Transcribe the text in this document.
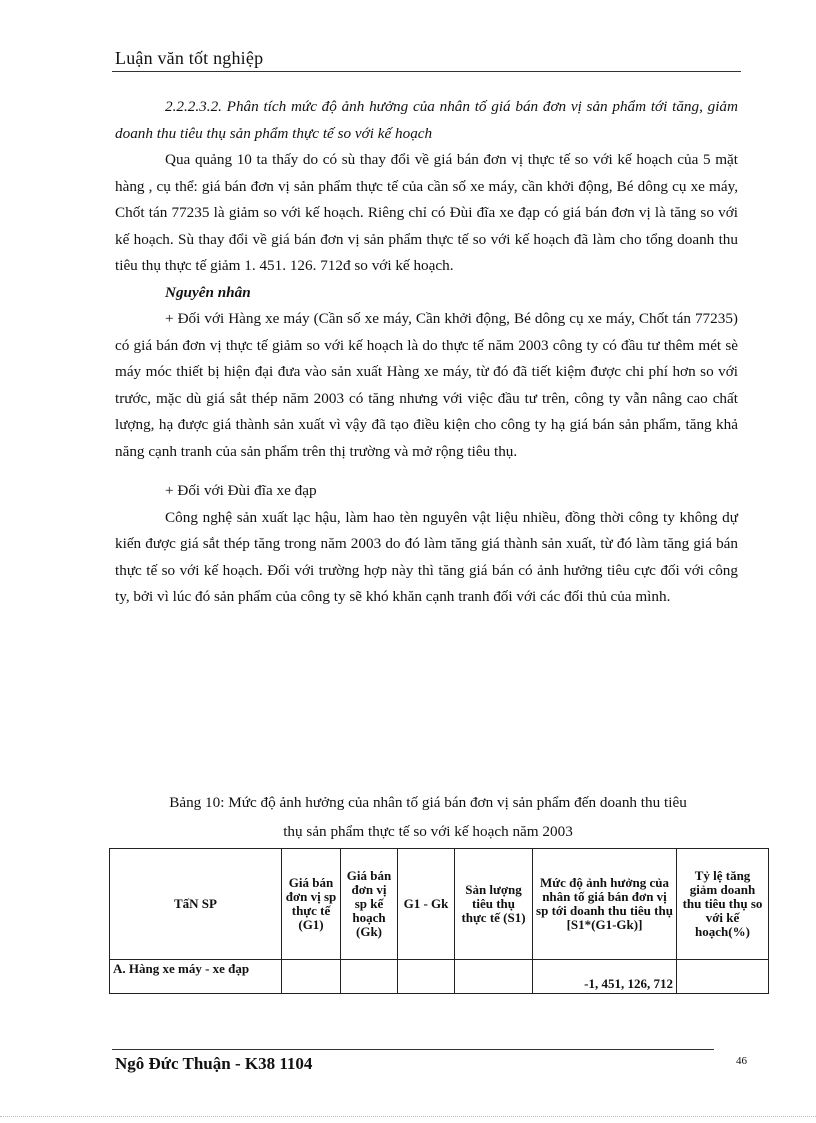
Luận văn tốt nghiệp

2.2.2.3.2. Phân tích mức độ ảnh hưởng của nhân tố giá bán đơn vị sản phẩm tới tăng, giảm doanh thu tiêu thụ sản phẩm thực tế so với kế hoạch

Qua quảng 10 ta thấy do có sù thay đổi về giá bán đơn vị thực tế so với kế hoạch của 5 mặt hàng , cụ thể: giá bán đơn vị sản phẩm thực tế của cần số xe máy, cần khởi động, Bé dông cụ xe máy, Chốt tán 77235 là giảm so với kế hoạch. Riêng chỉ có Đùi đĩa xe đạp có giá bán đơn vị là tăng so với kế hoạch. Sù thay đổi về giá bán đơn vị sản phẩm thực tế so với kế hoạch đã làm cho tổng doanh thu tiêu thụ thực tế giảm 1. 451. 126. 712đ so với kế hoạch.

Nguyên nhân

+ Đối với Hàng xe máy (Cần số xe máy, Cần khởi động, Bé dông cụ xe máy, Chốt tán 77235) có giá bán đơn vị thực tế giảm so với kế hoạch là do thực tế năm 2003 công ty có đầu tư thêm mét sè máy móc thiết bị hiện đại đưa vào sản xuất Hàng xe máy, từ đó đã tiết kiệm được chi phí hơn so với trước, mặc dù giá sắt thép năm 2003 có tăng nhưng với việc đầu tư trên, công ty vẫn nâng cao chất lượng, hạ được giá thành sản xuất vì vậy đã tạo điều kiện cho công ty hạ giá bán sản phẩm, tăng khả năng cạnh tranh của sản phẩm trên thị trường và mở rộng tiêu thụ.

+ Đối với Đùi đĩa xe đạp

Công nghệ sản xuất lạc hậu, làm hao tèn nguyên vật liệu nhiều, đồng thời công ty không dự kiến được giá sắt thép tăng trong năm 2003 do đó làm tăng giá thành sản xuất, từ đó làm tăng giá bán thực tế so với kế hoạch. Đối với trường hợp này thì tăng giá bán có ảnh hưởng tiêu cực đối với công ty, bởi vì lúc đó sản phẩm của công ty sẽ khó khăn cạnh tranh đối với các đối thủ của mình.

Bảng 10: Mức độ ảnh hưởng của nhân tố giá bán đơn vị sản phẩm đến doanh thu tiêu
thụ sản phẩm thực tế so với kế hoạch năm 2003
TấN SP	Giá bán đơn vị sp thực tế (G1)	Giá bán đơn vị sp kế hoạch (Gk)	G1 - Gk	Sản lượng tiêu thụ thực tế (S1)	Mức độ ảnh hưởng của nhân tố giá bán đơn vị sp tới doanh thu tiêu thụ [S1*(G1-Gk)]	Tỷ lệ tăng giảm doanh thu tiêu thụ so với kế hoạch(%)
A. Hàng xe máy - xe đạp					-1, 451, 126, 712	
Ngô Đức Thuận - K38 1104	46
